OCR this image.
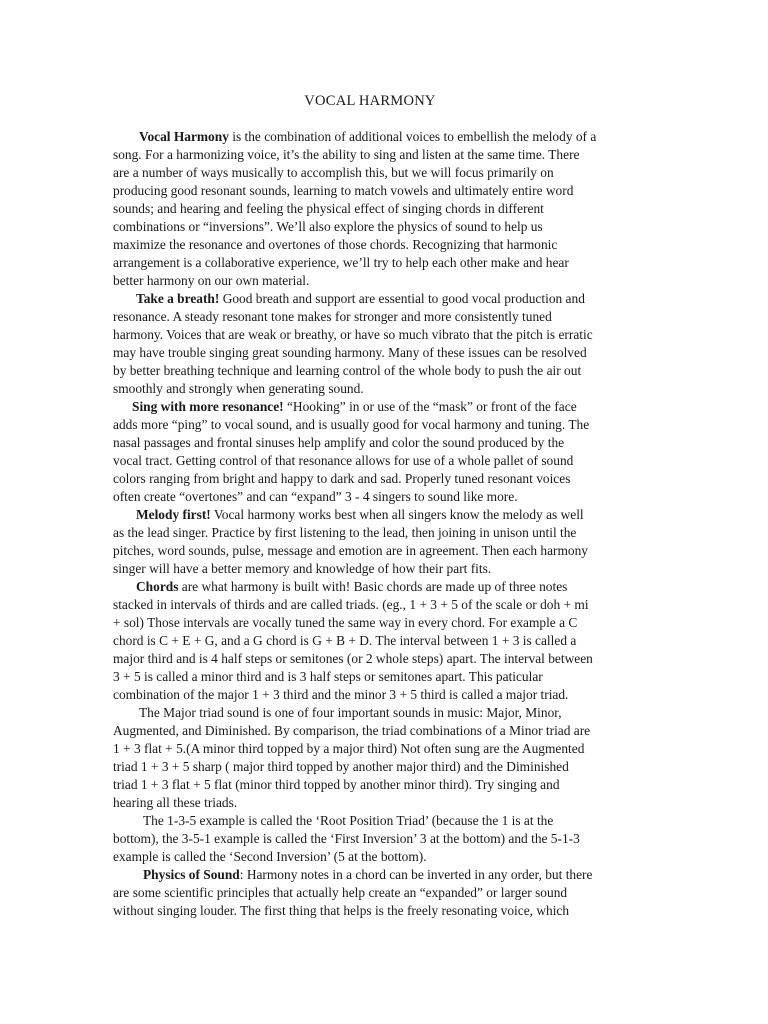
VOCAL HARMONY

Vocal Harmony is the combination of additional voices to embellish the melody of a
song. For a harmonizing voice, it’s the ability to sing and listen at the same time. There
are a number of ways musically to accomplish this, but we will focus primarily on
producing good resonant sounds, learning to match vowels and ultimately entire word
sounds; and hearing and feeling the physical effect of singing chords in different
combinations or “inversions”. We’ll also explore the physics of sound to help us
maximize the resonance and overtones of those chords. Recognizing that harmonic
arrangement is a collaborative experience, we’ll try to help each other make and hear
better harmony on our own material.

Take a breath! Good breath and support are essential to good vocal production and
resonance. A steady resonant tone makes for stronger and more consistently tuned
harmony. Voices that are weak or breathy, or have so much vibrato that the pitch is erratic
may have trouble singing great sounding harmony. Many of these issues can be resolved
by better breathing technique and learning control of the whole body to push the air out
smoothly and strongly when generating sound.

Sing with more resonance! “Hooking” in or use of the “mask” or front of the face
adds more “ping” to vocal sound, and is usually good for vocal harmony and tuning. The
nasal passages and frontal sinuses help amplify and color the sound produced by the
vocal tract. Getting control of that resonance allows for use of a whole pallet of sound
colors ranging from bright and happy to dark and sad. Properly tuned resonant voices
often create “overtones” and can “expand” 3 - 4 singers to sound like more.

Melody first! Vocal harmony works best when all singers know the melody as well
as the lead singer. Practice by first listening to the lead, then joining in unison until the
pitches, word sounds, pulse, message and emotion are in agreement. Then each harmony
singer will have a better memory and knowledge of how their part fits.

Chords are what harmony is built with! Basic chords are made up of three notes
stacked in intervals of thirds and are called triads. (eg., 1 + 3 + 5 of the scale or doh + mi
+ sol) Those intervals are vocally tuned the same way in every chord. For example a C
chord is C + E + G, and a G chord is G + B + D. The interval between 1 + 3 is called a
major third and is 4 half steps or semitones (or 2 whole steps) apart. The interval between
3 + 5 is called a minor third and is 3 half steps or semitones apart. This paticular
combination of the major 1 + 3 third and the minor 3 + 5 third is called a major triad.

The Major triad sound is one of four important sounds in music: Major, Minor,
Augmented, and Diminished. By comparison, the triad combinations of a Minor triad are
1 + 3 flat + 5.(A minor third topped by a major third) Not often sung are the Augmented
triad 1 + 3 + 5 sharp ( major third topped by another major third) and the Diminished
triad 1 + 3 flat + 5 flat (minor third topped by another minor third). Try singing and
hearing all these triads.

The 1-3-5 example is called the ‘Root Position Triad’ (because the 1 is at the
bottom), the 3-5-1 example is called the ‘First Inversion’ 3 at the bottom) and the 5-1-3
example is called the ‘Second Inversion’ (5 at the bottom).

Physics of Sound: Harmony notes in a chord can be inverted in any order, but there
are some scientific principles that actually help create an “expanded” or larger sound
without singing louder. The first thing that helps is the freely resonating voice, which
